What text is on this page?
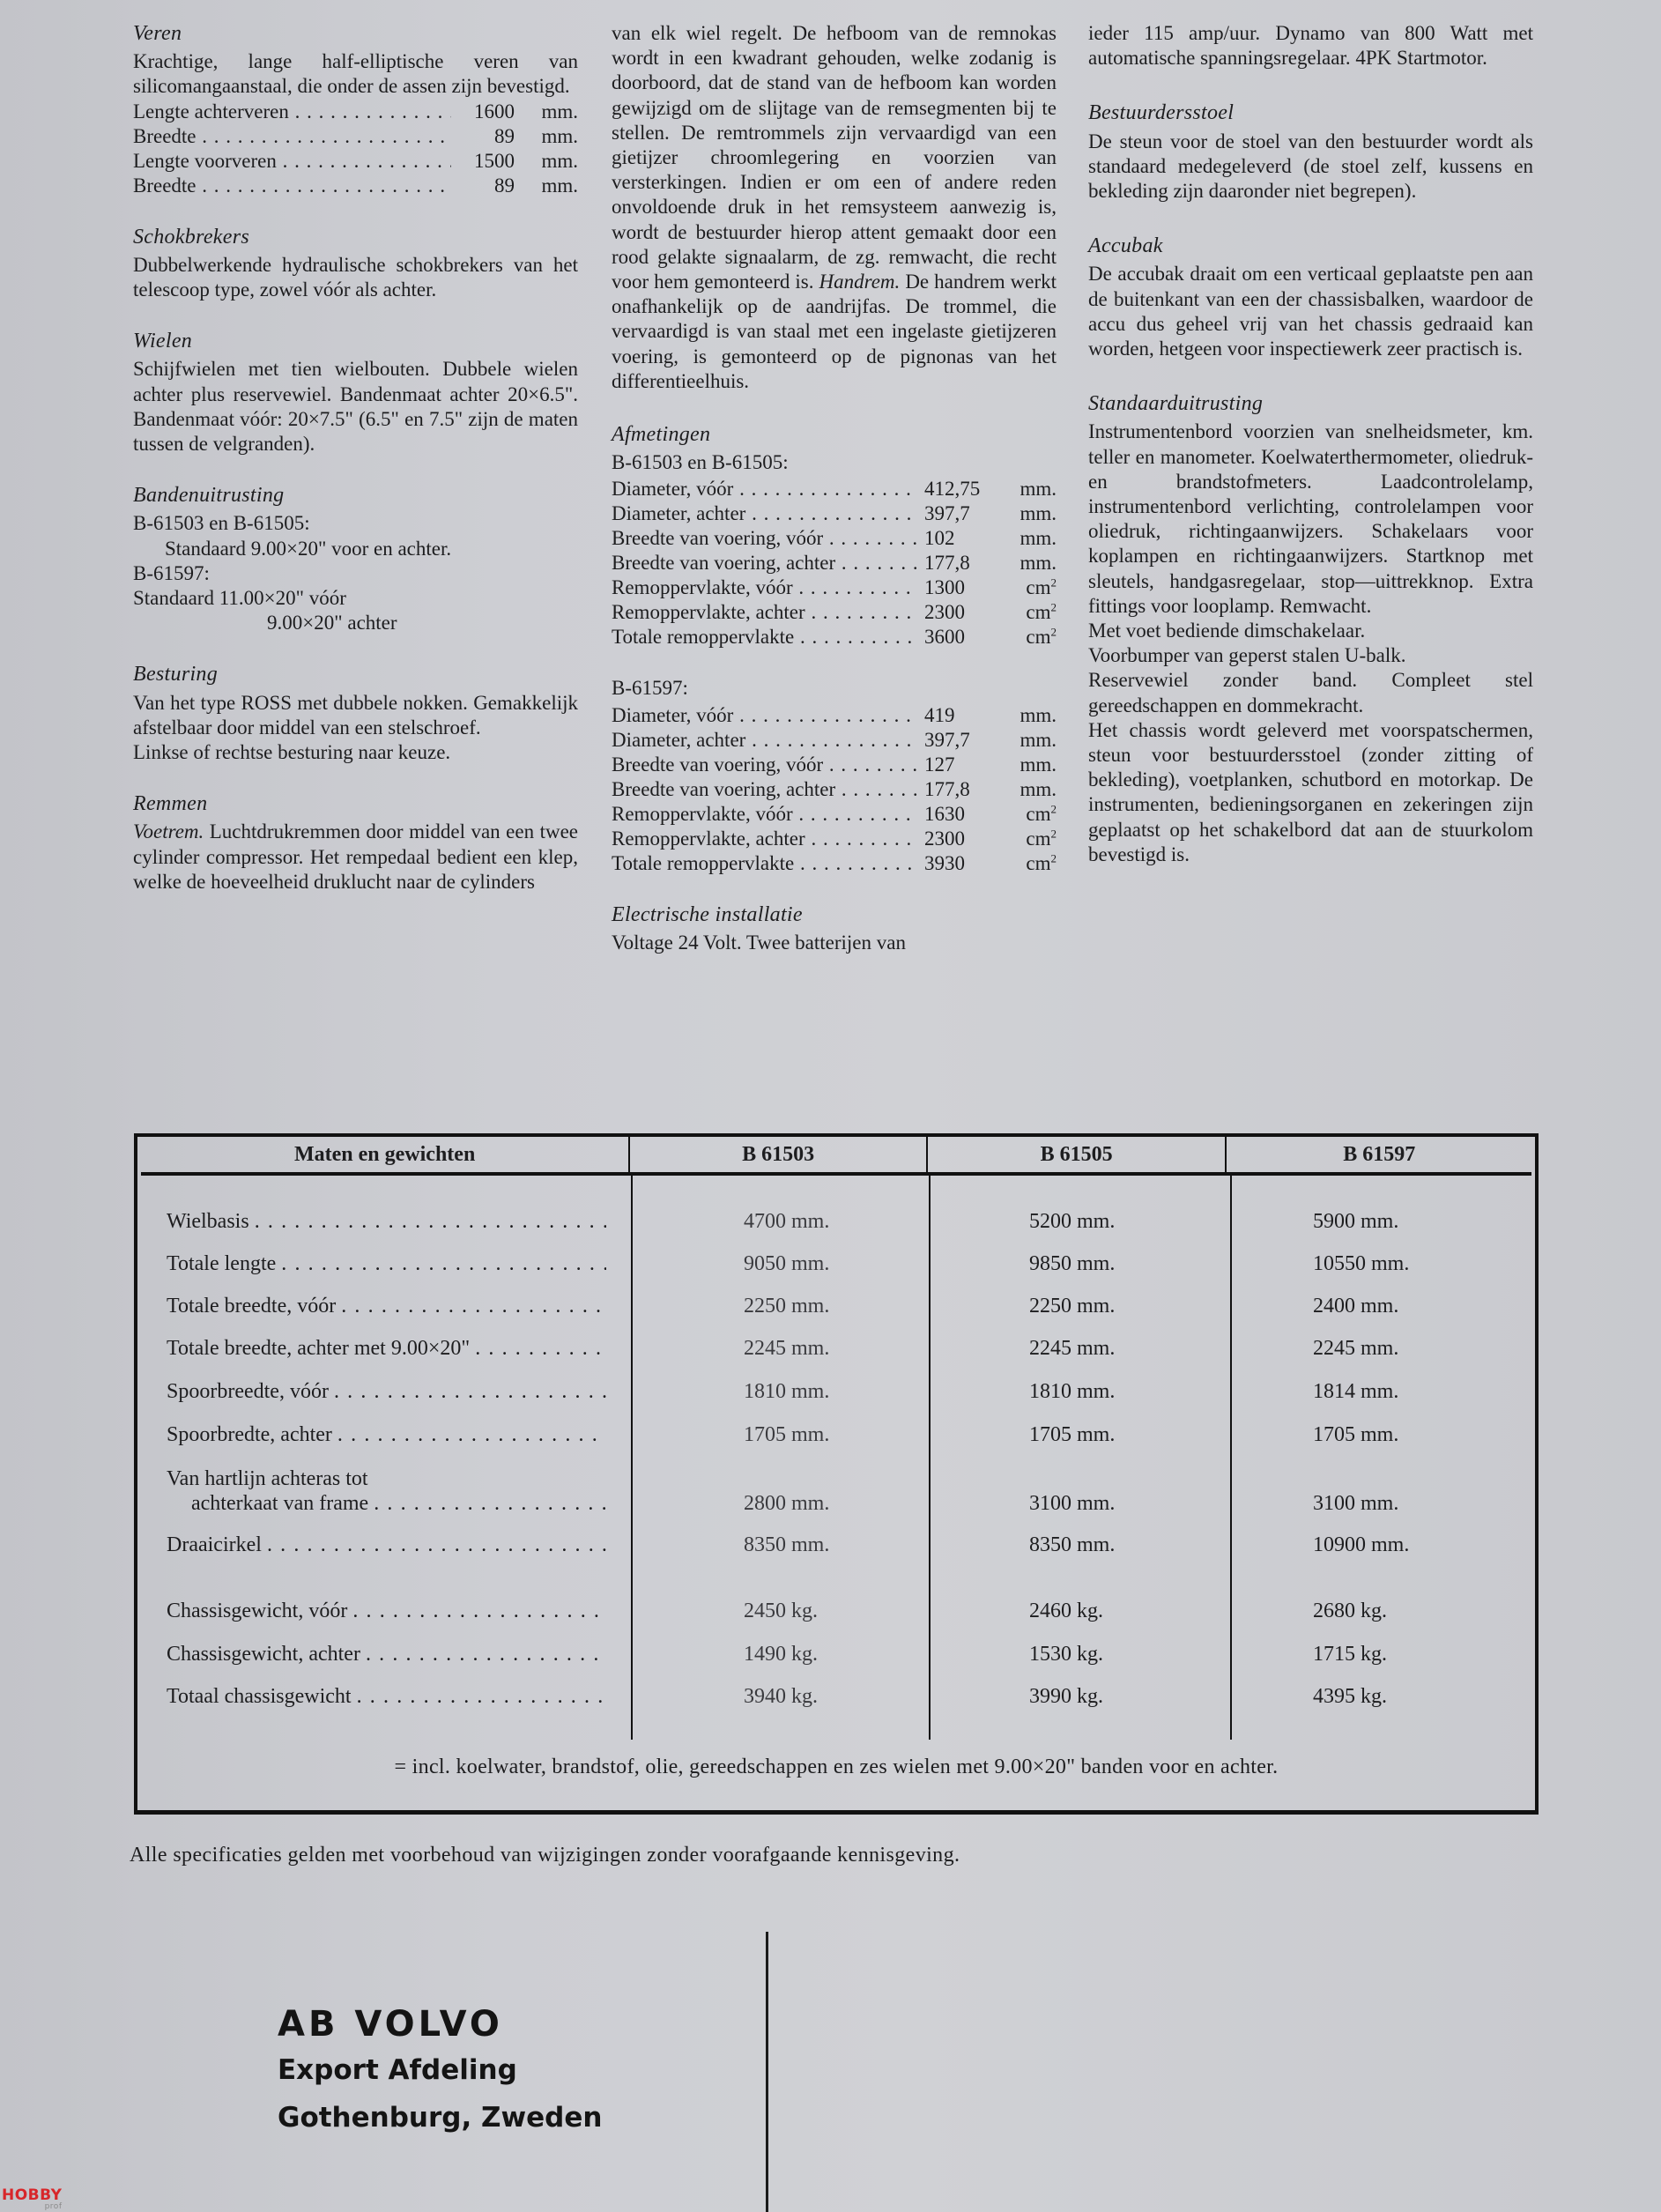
Veren

Krachtige, lange half-elliptische veren van silicomangaanstaal, die onder de assen zijn bevestigd.

Lengte achterveren . . .	1600	mm.
Breedte . . .	89	mm.
Lengte voorveren . . .	1500	mm.
Breedte . . .	89	mm.
Schokbrekers

Dubbelwerkende hydraulische schokbrekers van het telescoop type, zowel vóór als achter.

Wielen

Schijfwielen met tien wielbouten. Dubbele wielen achter plus reservewiel. Bandenmaat achter 20×6.5". Bandenmaat vóór: 20×7.5" (6.5" en 7.5" zijn de maten tussen de velgranden).

Bandenuitrusting

B-61503 en B-61505:

Standaard 9.00×20" voor en achter.

B-61597:

Standaard 11.00×20" vóór

9.00×20" achter

Besturing

Van het type ROSS met dubbele nokken. Gemakkelijk afstelbaar door middel van een stelschroef.

Linkse of rechtse besturing naar keuze.

Remmen

Voetrem. Luchtdrukremmen door middel van een twee cylinder compressor. Het rempedaal bedient een klep, welke de hoeveelheid druklucht naar de cylinders

van elk wiel regelt. De hefboom van de remnokas wordt in een kwadrant gehouden, welke zodanig is doorboord, dat de stand van de hefboom kan worden gewijzigd om de slijtage van de remsegmenten bij te stellen. De remtrommels zijn vervaardigd van een gietijzer chroomlegering en voorzien van versterkingen. Indien er om een of andere reden onvoldoende druk in het remsysteem aanwezig is, wordt de bestuurder hierop attent gemaakt door een rood gelakte signaalarm, de zg. remwacht, die recht voor hem gemonteerd is. Handrem. De handrem werkt onafhankelijk op de aandrijfas. De trommel, die vervaardigd is van staal met een ingelaste gietijzeren voering, is gemonteerd op de pignonas van het differentieelhuis.

Afmetingen

B-61503 en B-61505:

Diameter, vóór . . .	412,75	mm.
Diameter, achter . . .	397,7	mm.
Breedte van voering, vóór . . .	102	mm.
Breedte van voering, achter . . .	177,8	mm.
Remoppervlakte, vóór . . .	1300	$cm^2$
Remoppervlakte, achter . . .	2300	$cm^2$
Totale remoppervlakte . . .	3600	$cm^2$

B-61597:

Diameter, vóór . . .	419	mm.
Diameter, achter . . .	397,7	mm.
Breedte van voering, vóór . . .	127	mm.
Breedte van voering, achter . . .	177,8	mm.
Remoppervlakte, vóór . . .	1630	$cm^2$
Remoppervlakte, achter . . .	2300	$cm^2$
Totale remoppervlakte . . .	3930	$cm^2$
Electrische installatie

Voltage 24 Volt. Twee batterijen van

ieder 115 amp/uur. Dynamo van 800 Watt met automatische spanningsregelaar. 4PK Startmotor.

Bestuurdersstoel

De steun voor de stoel van den bestuurder wordt als standaard medegeleverd (de stoel zelf, kussens en bekleding zijn daaronder niet begrepen).

Accubak

De accubak draait om een verticaal geplaatste pen aan de buitenkant van een der chassisbalken, waardoor de accu dus geheel vrij van het chassis gedraaid kan worden, hetgeen voor inspectiewerk zeer practisch is.

Standaarduitrusting

Instrumentenbord voorzien van snelheidsmeter, km. teller en manometer. Koelwaterthermometer, oliedruk- en brandstofmeters. Laadcontrolelamp, instrumentenbord verlichting, controlelampen voor oliedruk, richtingaanwijzers. Schakelaars voor koplampen en richtingaanwijzers. Startknop met sleutels, handgasregelaar, stop—uittrekknop. Extra fittings voor looplamp. Remwacht.

Met voet bediende dimschakelaar.

Voorbumper van geperst stalen U-balk.

Reservewiel zonder band. Compleet stel gereedschappen en dommekracht.

Het chassis wordt geleverd met voorspatschermen, steun voor bestuurdersstoel (zonder zitting of bekleding), voetplanken, schutbord en motorkap. De instrumenten, bedieningsorganen en zekeringen zijn geplaatst op het schakelbord dat aan de stuurkolom bevestigd is.

Maten en gewichten	B 61503	B 61505	B 61597
Wielbasis . . .	4700 mm.	5200 mm.	5900 mm.
Totale lengte . . .	9050 mm.	9850 mm.	10550 mm.
Totale breedte, vóór . . .	2250 mm.	2250 mm.	2400 mm.
Totale breedte, achter met 9.00×20" . . .	2245 mm.	2245 mm.	2245 mm.
Spoorbreedte, vóór . . .	1810 mm.	1810 mm.	1814 mm.
Spoorbredte, achter . . .	1705 mm.	1705 mm.	1705 mm.
Van hartlijn achteras tot
achterkaat van frame . . .	2800 mm.	3100 mm.	3100 mm.
Draaicirkel . . .	8350 mm.	8350 mm.	10900 mm.
Chassisgewicht, vóór . . .	2450 kg.	2460 kg.	2680 kg.
Chassisgewicht, achter . . .	1490 kg.	1530 kg.	1715 kg.
Totaal chassisgewicht . . .	3940 kg.	3990 kg.	4395 kg.
= incl. koelwater, brandstof, olie, gereedschappen en zes wielen met 9.00×20" banden voor en achter.
Alle specificaties gelden met voorbehoud van wijzigingen zonder voorafgaande kennisgeving.
AB VOLVO
Export Afdeling
Gothenburg, Zweden
HOBBY
prof
